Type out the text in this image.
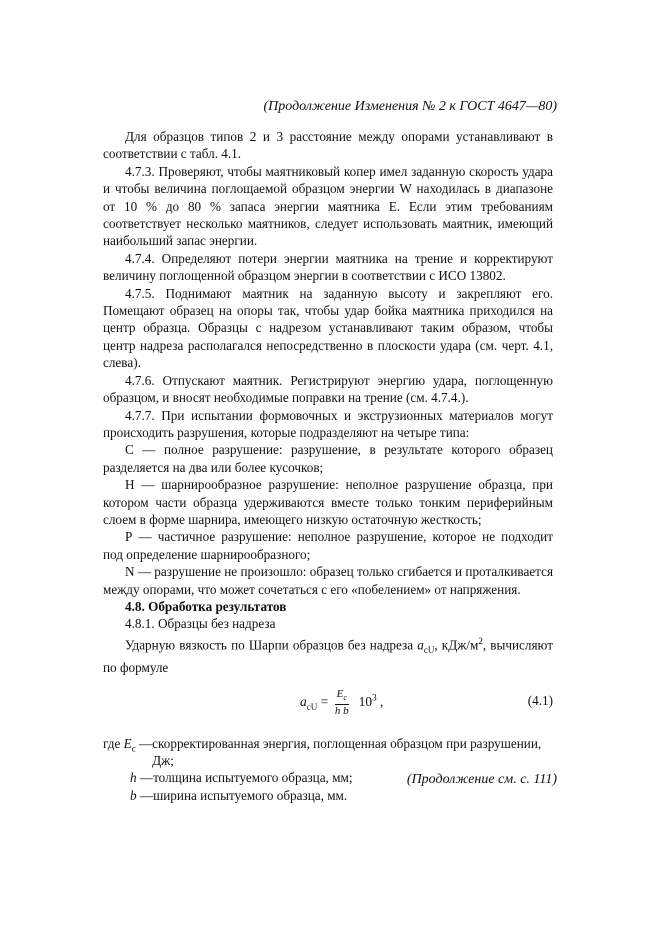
(Продолжение Изменения № 2 к ГОСТ 4647—80)

Для образцов типов 2 и 3 расстояние между опорами устанавливают в соответствии с табл. 4.1.

4.7.3. Проверяют, чтобы маятниковый копер имел заданную скорость удара и чтобы величина поглощаемой образцом энергии W находилась в диапазоне от 10 % до 80 % запаса энергии маятника E. Если этим требованиям соответствует несколько маятников, следует использовать маятник, имеющий наибольший запас энергии.

4.7.4. Определяют потери энергии маятника на трение и корректируют величину поглощенной образцом энергии в соответствии с ИСО 13802.

4.7.5. Поднимают маятник на заданную высоту и закрепляют его. Помещают образец на опоры так, чтобы удар бойка маятника приходился на центр образца. Образцы с надрезом устанавливают таким образом, чтобы центр надреза располагался непосредственно в плоскости удара (см. черт. 4.1, слева).

4.7.6. Отпускают маятник. Регистрируют энергию удара, поглощенную образцом, и вносят необходимые поправки на трение (см. 4.7.4.).

4.7.7. При испытании формовочных и экструзионных материалов могут происходить разрушения, которые подразделяют на четыре типа:

С — полное разрушение: разрушение, в результате которого образец разделяется на два или более кусочков;

Н — шарнирообразное разрушение: неполное разрушение образца, при котором части образца удерживаются вместе только тонким периферийным слоем в форме шарнира, имеющего низкую остаточную жесткость;

Р — частичное разрушение: неполное разрушение, которое не подходит под определение шарнирообразного;

N — разрушение не произошло: образец только сгибается и проталкивается между опорами, что может сочетаться с его «побелением» от напряжения.

4.8. Обработка результатов

4.8.1. Образцы без надреза

Ударную вязкость по Шарпи образцов без надреза $a_{cU}$, кДж/$м^2$, вычисляют по формуле

$a_{cU} = \frac{E_c}{\text{h b}} 10^3$ ,	(4.1)
где $E_c$ — скорректированная энергия, поглощенная образцом при разрушении, Дж;
h — толщина испытуемого образца, мм;
b — ширина испытуемого образца, мм.
(Продолжение см. с. 111)
